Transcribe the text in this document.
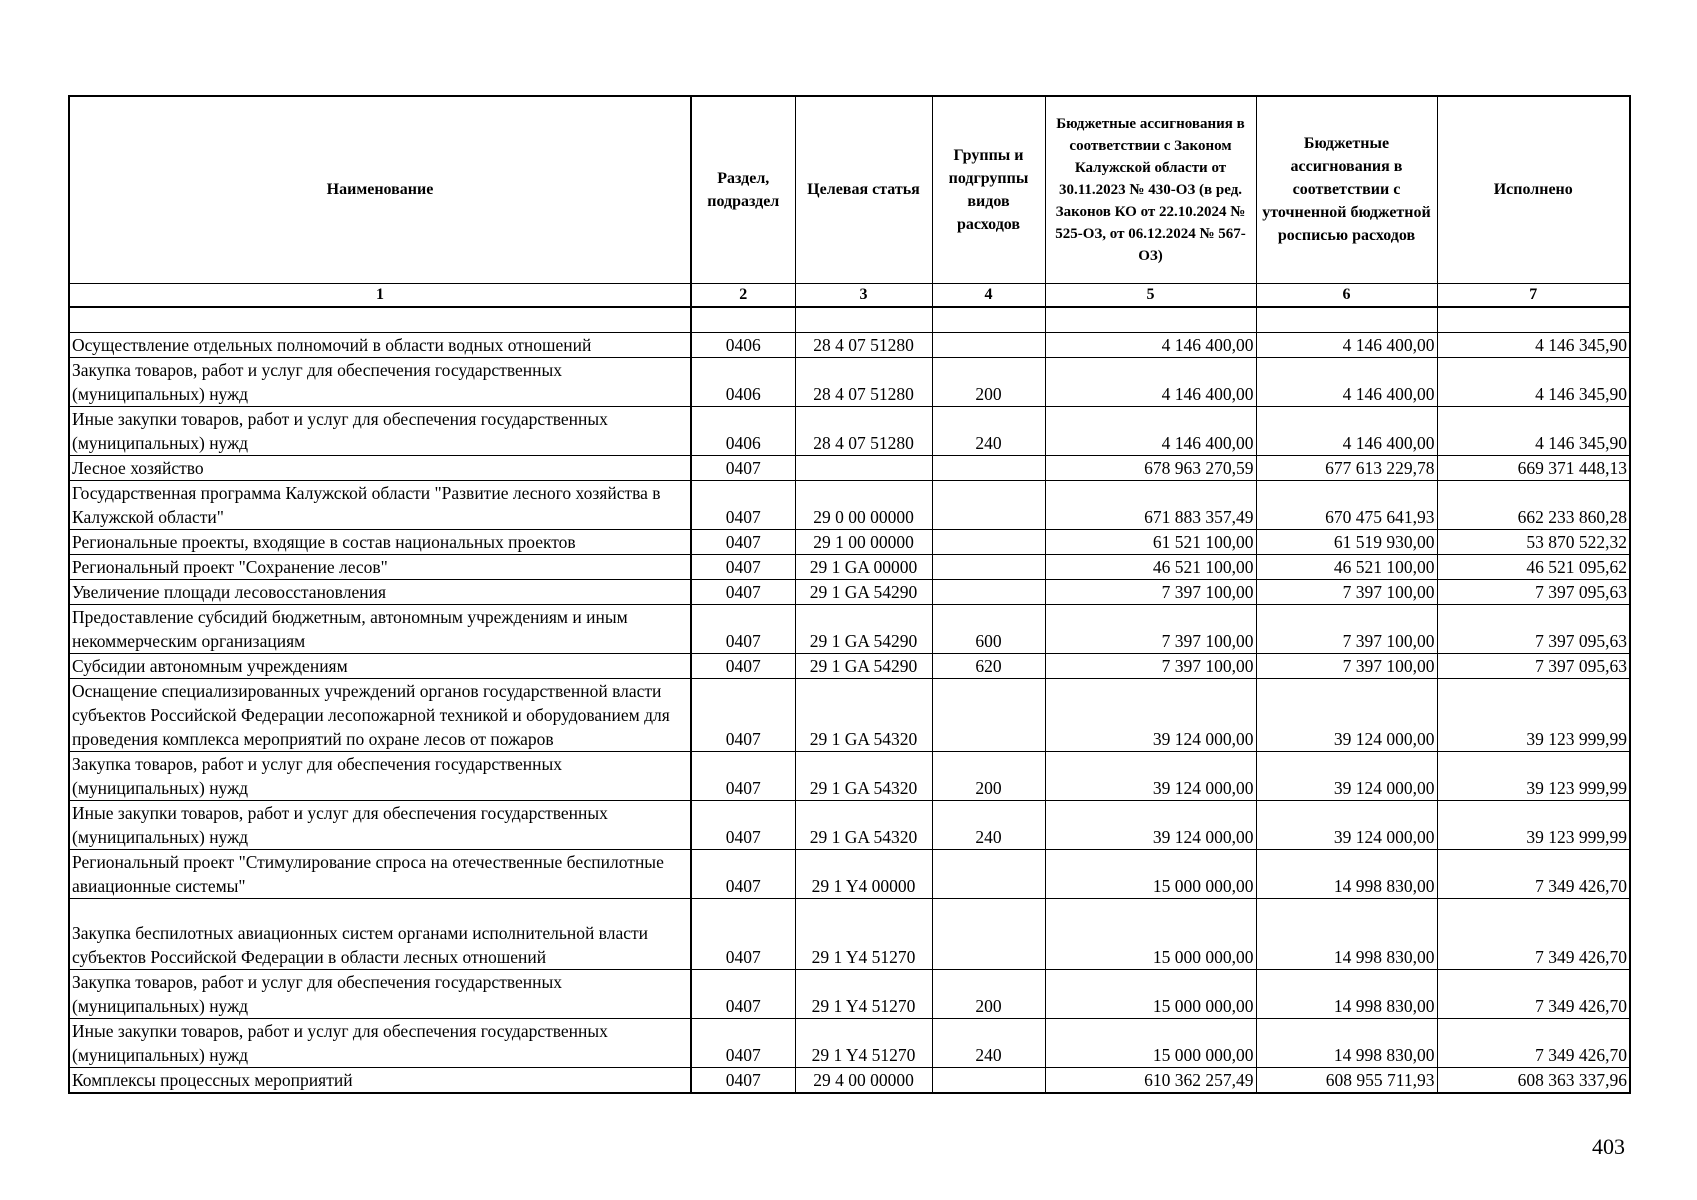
Наименование	Раздел, подраздел	Целевая статья	Группы и подгруппы видов расходов	Бюджетные ассигнования в соответствии с Законом Калужской области от 30.11.2023 № 430-ОЗ (в ред. Законов КО от 22.10.2024 № 525-ОЗ, от 06.12.2024 № 567-ОЗ)	Бюджетные ассигнования в соответствии с уточненной бюджетной росписью расходов	Исполнено
1	2	3	4	5	6	7

Осуществление отдельных полномочий в области водных отношений	0406	28 4 07 51280		4 146 400,00	4 146 400,00	4 146 345,90
Закупка товаров, работ и услуг для обеспечения государственных (муниципальных) нужд	0406	28 4 07 51280	200	4 146 400,00	4 146 400,00	4 146 345,90
Иные закупки товаров, работ и услуг для обеспечения государственных (муниципальных) нужд	0406	28 4 07 51280	240	4 146 400,00	4 146 400,00	4 146 345,90
Лесное хозяйство	0407			678 963 270,59	677 613 229,78	669 371 448,13
Государственная программа Калужской области "Развитие лесного хозяйства в Калужской области"	0407	29 0 00 00000		671 883 357,49	670 475 641,93	662 233 860,28
Региональные проекты, входящие в состав национальных проектов	0407	29 1 00 00000		61 521 100,00	61 519 930,00	53 870 522,32
Региональный проект "Сохранение лесов"	0407	29 1 GA 00000		46 521 100,00	46 521 100,00	46 521 095,62
Увеличение площади лесовосстановления	0407	29 1 GA 54290		7 397 100,00	7 397 100,00	7 397 095,63
Предоставление субсидий бюджетным, автономным учреждениям и иным некоммерческим организациям	0407	29 1 GA 54290	600	7 397 100,00	7 397 100,00	7 397 095,63
Субсидии автономным учреждениям	0407	29 1 GA 54290	620	7 397 100,00	7 397 100,00	7 397 095,63
Оснащение специализированных учреждений органов государственной власти субъектов Российской Федерации лесопожарной техникой и оборудованием для проведения комплекса мероприятий по охране лесов от пожаров	0407	29 1 GA 54320		39 124 000,00	39 124 000,00	39 123 999,99
Закупка товаров, работ и услуг для обеспечения государственных (муниципальных) нужд	0407	29 1 GA 54320	200	39 124 000,00	39 124 000,00	39 123 999,99
Иные закупки товаров, работ и услуг для обеспечения государственных (муниципальных) нужд	0407	29 1 GA 54320	240	39 124 000,00	39 124 000,00	39 123 999,99
Региональный проект "Стимулирование спроса на отечественные беспилотные авиационные системы"	0407	29 1 Y4 00000		15 000 000,00	14 998 830,00	7 349 426,70
Закупка беспилотных авиационных систем органами исполнительной власти субъектов Российской Федерации в области лесных отношений	0407	29 1 Y4 51270		15 000 000,00	14 998 830,00	7 349 426,70
Закупка товаров, работ и услуг для обеспечения государственных (муниципальных) нужд	0407	29 1 Y4 51270	200	15 000 000,00	14 998 830,00	7 349 426,70
Иные закупки товаров, работ и услуг для обеспечения государственных (муниципальных) нужд	0407	29 1 Y4 51270	240	15 000 000,00	14 998 830,00	7 349 426,70
Комплексы процессных мероприятий	0407	29 4 00 00000		610 362 257,49	608 955 711,93	608 363 337,96
403
